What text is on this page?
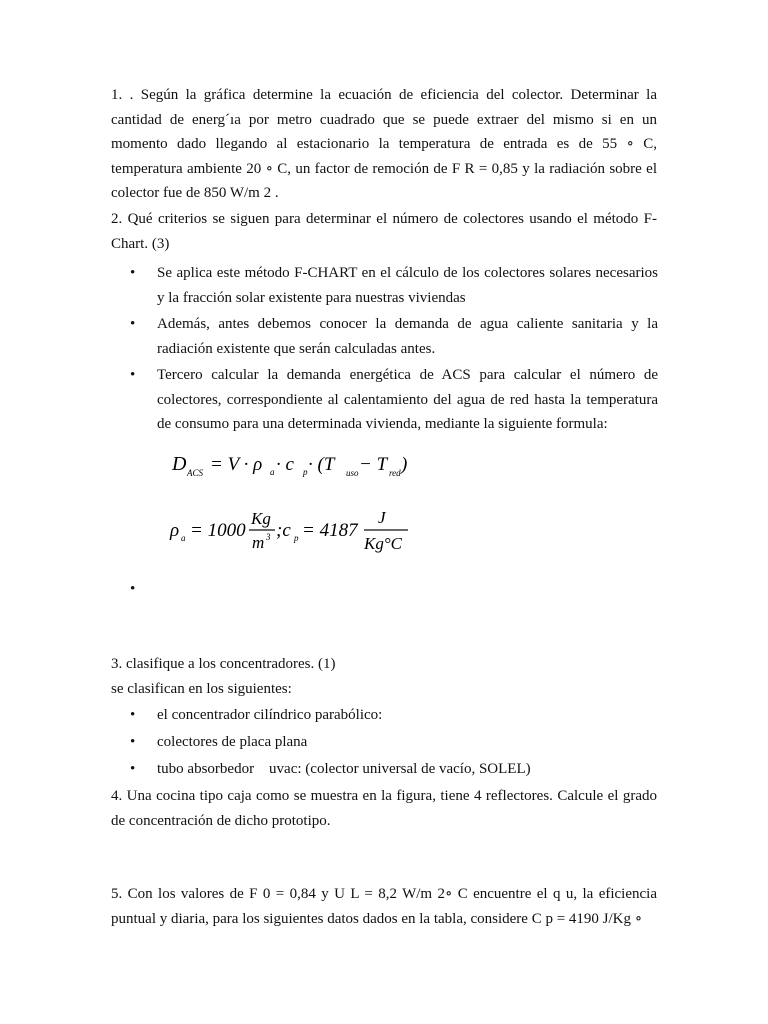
1. . Según la gráfica determine la ecuación de eficiencia del colector. Determinar la cantidad de energ´ıa por metro cuadrado que se puede extraer del mismo si en un momento dado llegando al estacionario la temperatura de entrada es de 55 ∘ C, temperatura ambiente 20 ∘ C, un factor de remoción de F R = 0,85 y la radiación sobre el colector fue de 850 W/m 2 .

2. Qué criterios se siguen para determinar el número de colectores usando el método F-Chart. (3)

•	Se aplica este método F-CHART en el cálculo de los colectores solares necesarios y la fracción solar existente para nuestras viviendas

•	Además, antes debemos conocer la demanda de agua caliente sanitaria y la radiación existente que serán calculadas antes.

•	Tercero calcular la demanda energética de ACS para calcular el número de colectores, correspondiente al calentamiento del agua de red hasta la temperatura de consumo para una determinada vivienda, mediante la siguiente formula:

D ACS = V · ρ a · c p · (T uso − T red )
ρ a = 1000
Kg
m 3 ;c p = 4187
J
Kg°C
•

3. clasifique a los concentradores. (1)

se clasifican en los siguientes:

•	el concentrador cilíndrico parabólico:

•	colectores de placa plana

•	tubo absorbedor    uvac: (colector universal de vacío, SOLEL)

4. Una cocina tipo caja como se muestra en la figura, tiene 4 reflectores. Calcule el grado de concentración de dicho prototipo.

5. Con los valores de F 0 = 0,84 y U L = 8,2 W/m 2∘ C encuentre el q u, la eficiencia puntual y diaria, para los siguientes datos dados en la tabla, considere C p = 4190 J/Kg ∘
